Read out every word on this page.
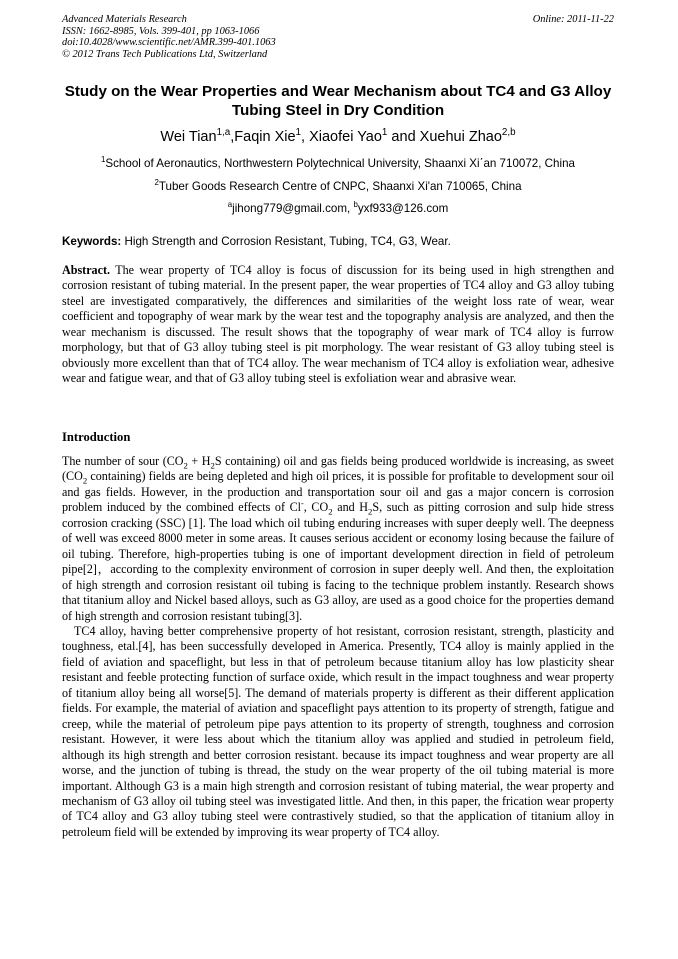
Advanced Materials Research
ISSN: 1662-8985, Vols. 399-401, pp 1063-1066
doi:10.4028/www.scientific.net/AMR.399-401.1063
© 2012 Trans Tech Publications Ltd, Switzerland
Online: 2011-11-22
Study on the Wear Properties and Wear Mechanism about TC4 and G3 Alloy Tubing Steel in Dry Condition
Wei Tian$^{1,a}$,Faqin Xie$^1$, Xiaofei Yao$^1$ and Xuehui Zhao$^{2,b}$
$^1$School of Aeronautics, Northwestern Polytechnical University, Shaanxi Xi΄an 710072, China
$^2$Tuber Goods Research Centre of CNPC, Shaanxi Xi'an 710065, China
$^a$jihong779@gmail.com, $^b$yxf933@126.com
Keywords: High Strength and Corrosion Resistant, Tubing, TC4, G3, Wear.
Abstract. The wear property of TC4 alloy is focus of discussion for its being used in high strengthen and corrosion resistant of tubing material. In the present paper, the wear properties of TC4 alloy and G3 alloy tubing steel are investigated comparatively, the differences and similarities of the weight loss rate of wear, wear coefficient and topography of wear mark by the wear test and the topography analysis are analyzed, and then the wear mechanism is discussed. The result shows that the topography of wear mark of TC4 alloy is furrow morphology, but that of G3 alloy tubing steel is pit morphology. The wear resistant of G3 alloy tubing steel is obviously more excellent than that of TC4 alloy. The wear mechanism of TC4 alloy is exfoliation wear, adhesive wear and fatigue wear, and that of G3 alloy tubing steel is exfoliation wear and abrasive wear.
Introduction

The number of sour ($CO_2 + H_2S$ containing) oil and gas fields being produced worldwide is increasing, as sweet ($CO_2$ containing) fields are being depleted and high oil prices, it is possible for profitable to development sour oil and gas fields. However, in the production and transportation sour oil and gas a major concern is corrosion problem induced by the combined effects of Cl-, $CO_2$ and $H_2S$, such as pitting corrosion and sulp hide stress corrosion cracking (SSC) [1]. The load which oil tubing enduring increases with super deeply well. The deepness of well was exceed 8000 meter in some areas. It causes serious accident or economy losing because the failure of oil tubing. Therefore, high-properties tubing is one of important development direction in field of petroleum pipe[2]，according to the complexity environment of corrosion in super deeply well. And then, the exploitation of high strength and corrosion resistant oil tubing is facing to the technique problem instantly. Research shows that titanium alloy and Nickel based alloys, such as G3 alloy, are used as a good choice for the properties demand of high strength and corrosion resistant tubing[3].

TC4 alloy, having better comprehensive property of hot resistant, corrosion resistant, strength, plasticity and toughness, etal.[4], has been successfully developed in America. Presently, TC4 alloy is mainly applied in the field of aviation and spaceflight, but less in that of petroleum because titanium alloy has low plasticity shear resistant and feeble protecting function of surface oxide, which result in the impact toughness and wear property of titanium alloy being all worse[5]. The demand of materials property is different as their different application fields. For example, the material of aviation and spaceflight pays attention to its property of strength, fatigue and creep, while the material of petroleum pipe pays attention to its property of strength, toughness and corrosion resistant. However, it were less about which the titanium alloy was applied and studied in petroleum field, although its high strength and better corrosion resistant. because its impact toughness and wear property are all worse, and the junction of tubing is thread, the study on the wear property of the oil tubing material is more important. Although G3 is a main high strength and corrosion resistant of tubing material, the wear property and mechanism of G3 alloy oil tubing steel was investigated little. And then, in this paper, the frication wear property of TC4 alloy and G3 alloy tubing steel were contrastively studied, so that the application of titanium alloy in petroleum field will be extended by improving its wear property of TC4 alloy.
